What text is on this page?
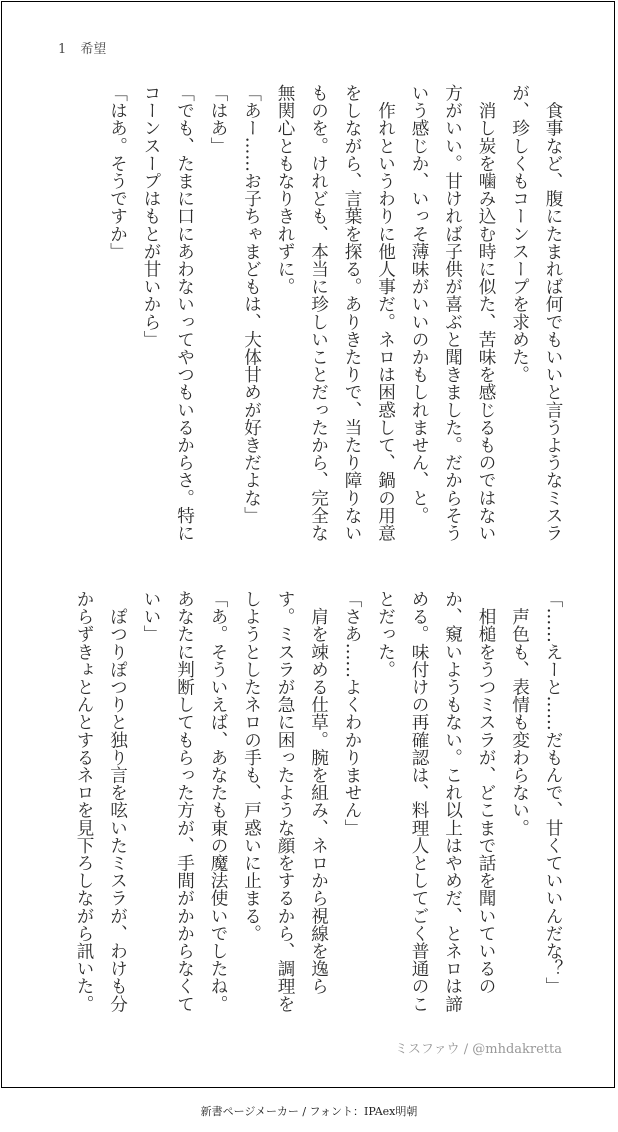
1 希望

　食事など、腹にたまれば何でもいいと言うようなミスラが、珍しくもコーンスープを求めた。

　消し炭を噛み込む時に似た、苦味を感じるものではない方がいい。甘ければ子供が喜ぶと聞きました。だからそういう感じか、いっそ薄味がいいのかもしれません、と。

　作れというわりに他人事だ。ネロは困惑して、鍋の用意をしながら、言葉を探る。ありきたりで、当たり障りないものを。けれども、本当に珍しいことだったから、完全な無関心ともなりきれずに。

「あー……お子ちゃまどもは、大体甘めが好きだよな」

「はあ」

「でも、たまに口にあわないってやつもいるからさ。特にコーンスープはもとが甘いから」

「はあ。そうですか」

「……えーと……だもんで、甘くていいんだな？」

　声色も、表情も変わらない。

　相槌をうつミスラが、どこまで話を聞いているのか、窺いようもない。これ以上はやめだ、とネロは諦める。味付けの再確認は、料理人としてごく普通のことだった。

「さあ……よくわかりません」

　肩を竦める仕草。腕を組み、ネロから視線を逸らす。ミスラが急に困ったような顔をするから、調理をしようとしたネロの手も、戸惑いに止まる。

「あ。そういえば、あなたも東の魔法使いでしたね。あなたに判断してもらった方が、手間がかからなくていい」

　ぽつりぽつりと独り言を呟いたミスラが、わけも分からずきょとんとするネロを見下ろしながら訊いた。

ミスファウ / @mhdakretta
新書ページメーカー / フォント：IPAex明朝
